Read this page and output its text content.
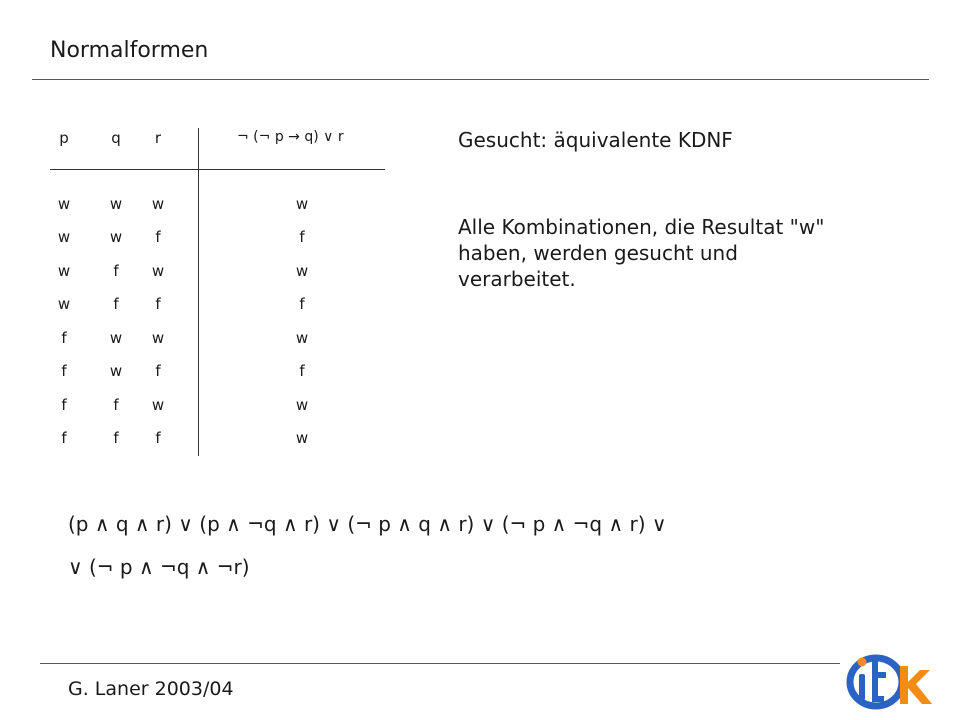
Normalformen
p	q	r	¬ (¬ p → q) ∨ r
w	w	w	w
w	w	f	f
w	f	w	w
w	f	f	f
f	w	w	w
f	w	f	f
f	f	w	w
f	f	f	w
Gesucht: äquivalente KDNF
Alle Kombinationen, die Resultat "w" haben, werden gesucht und verarbeitet.
(p ∧ q ∧ r) ∨ (p ∧ ¬q ∧ r) ∨ (¬ p ∧ q ∧ r) ∨ (¬ p ∧ ¬q ∧ r) ∨
∨ (¬ p ∧ ¬q ∧ ¬r)
G. Laner 2003/04
